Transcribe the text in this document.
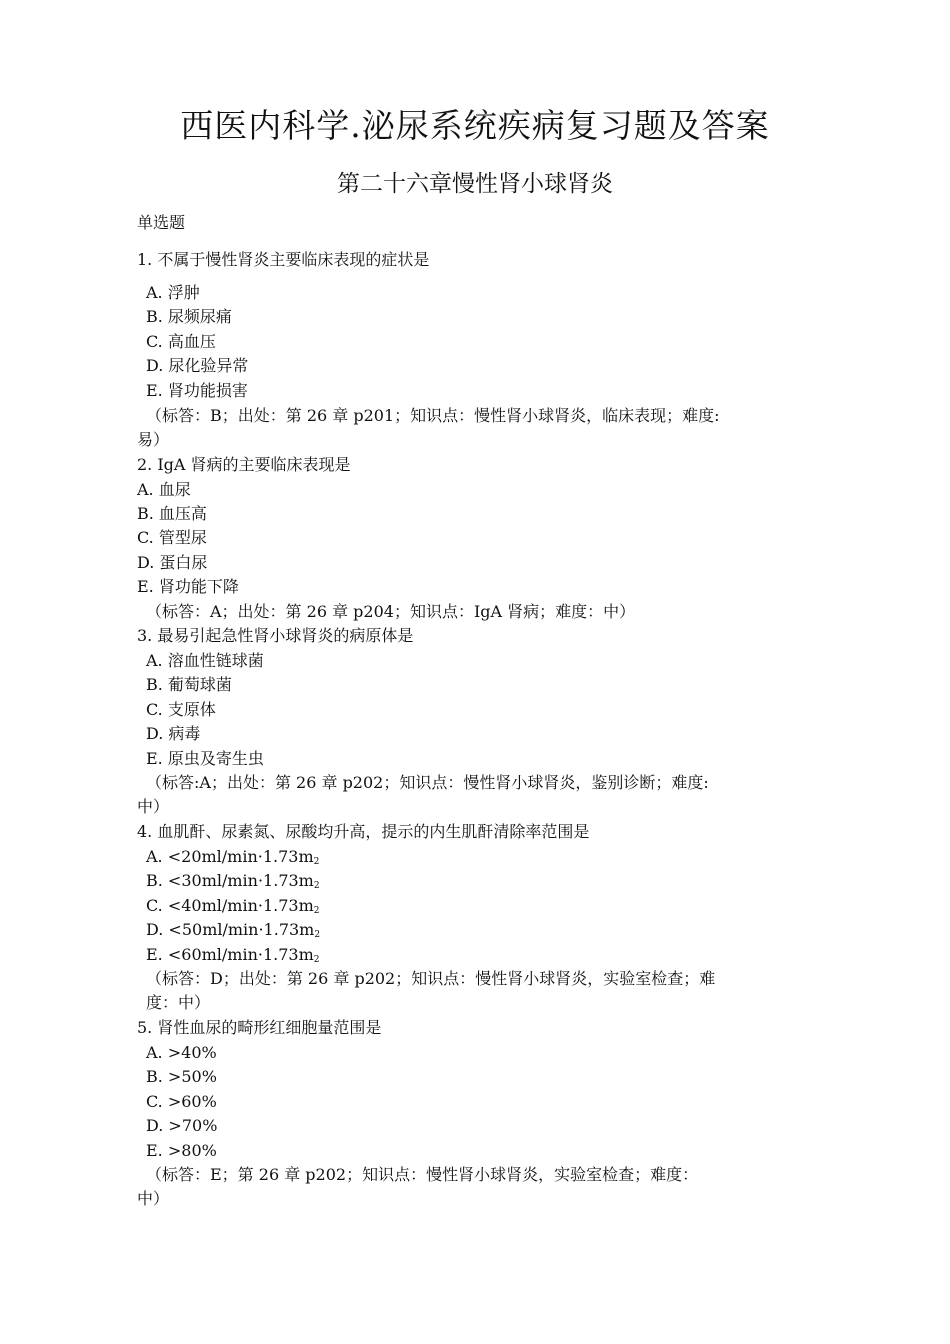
西医内科学.泌尿系统疾病复习题及答案
第二十六章慢性肾小球肾炎
单选题
1. 不属于慢性肾炎主要临床表现的症状是
A. 浮肿
B. 尿频尿痛
C. 高血压
D. 尿化验异常
E. 肾功能损害
（标答：B；出处：第 26 章 p201；知识点：慢性肾小球肾炎，临床表现；难度:
易）
2. IgA 肾病的主要临床表现是
A. 血尿
B. 血压高
C. 管型尿
D. 蛋白尿
E. 肾功能下降
（标答：A；出处：第 26 章 p204；知识点：IgA 肾病；难度：中）
3. 最易引起急性肾小球肾炎的病原体是
A. 溶血性链球菌
B. 葡萄球菌
C. 支原体
D. 病毒
E. 原虫及寄生虫
（标答:A；出处：第 26 章 p202；知识点：慢性肾小球肾炎，鉴别诊断；难度:
中）
4. 血肌酐、尿素氮、尿酸均升高，提示的内生肌酐清除率范围是
A. $<20ml/\min\cdot 1.73m_2$
B. $<30ml/\min\cdot 1.73m_2$
C. $<40ml/\min\cdot 1.73m_2$
D. $<50ml/\min\cdot 1.73m_2$
E. $<60ml/\min\cdot 1.73m_2$
（标答：D；出处：第 26 章 p202；知识点：慢性肾小球肾炎，实验室检查；难
度：中）
5. 肾性血尿的畸形红细胞量范围是
A. >40%
B. >50%
C. >60%
D. >70%
E. >80%
（标答：E；第 26 章 p202；知识点：慢性肾小球肾炎，实验室检查；难度：
中）
